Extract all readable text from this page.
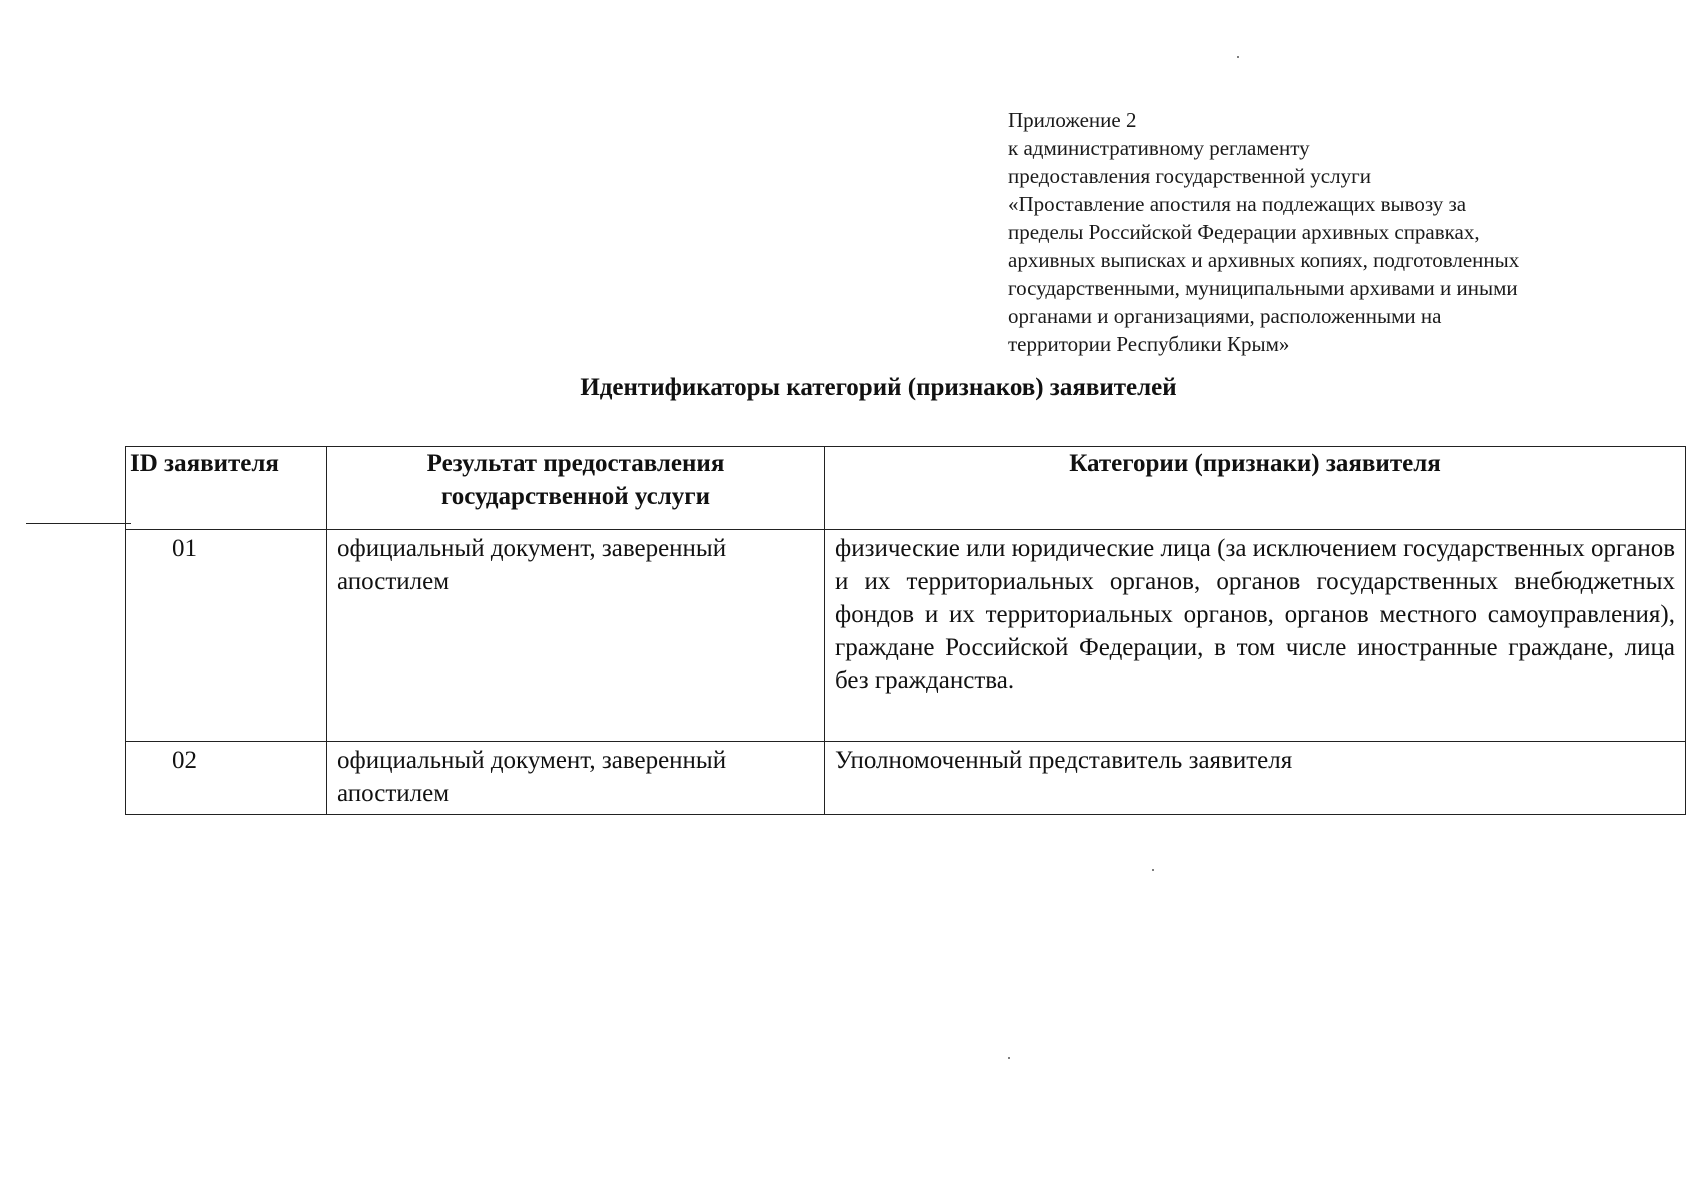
Приложение 2
к административному регламенту
предоставления государственной услуги
«Проставление апостиля на подлежащих вывозу за
пределы Российской Федерации архивных справках,
архивных выписках и архивных копиях, подготовленных
государственными, муниципальными архивами и иными
органами и организациями, расположенными на
территории Республики Крым»
Идентификаторы категорий (признаков) заявителей
ID заявителя	Результат предоставления государственной услуги	Категории (признаки) заявителя
01	официальный документ, заверенный апостилем	физические или юридические лица (за исключением государственных органов и их территориальных органов, органов государственных внебюджетных фондов и их территориальных органов, органов местного самоуправления), граждане Российской Федерации, в том числе иностранные граждане, лица без гражданства.
02	официальный документ, заверенный апостилем	Уполномоченный представитель заявителя
